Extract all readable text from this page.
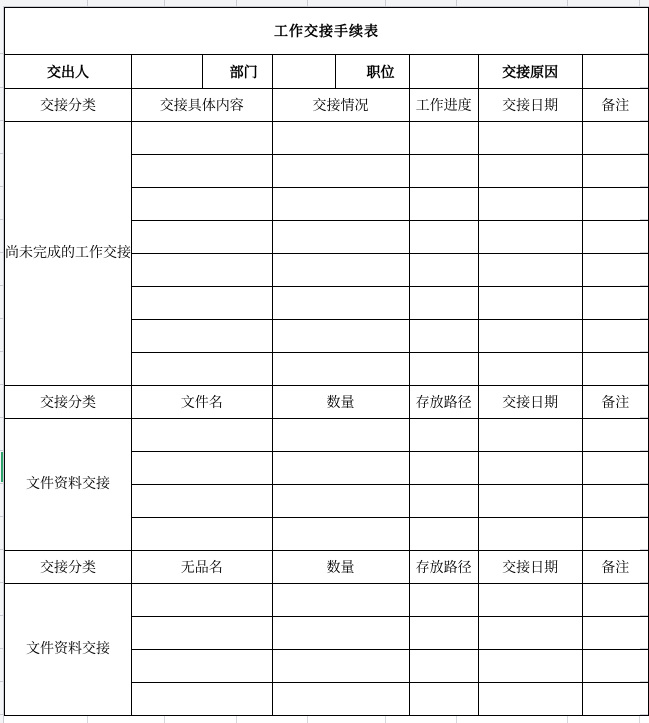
工作交接手续表							
交出人		部门		职位		交接原因	
交接分类	交接具体内容		交接情况		工作进度	交接日期	备注
尚未完成的工作交接							

交接分类	文件名		数量		存放路径	交接日期	备注
文件资料交接							

交接分类	无品名		数量		存放路径	交接日期	备注
文件资料交接							
